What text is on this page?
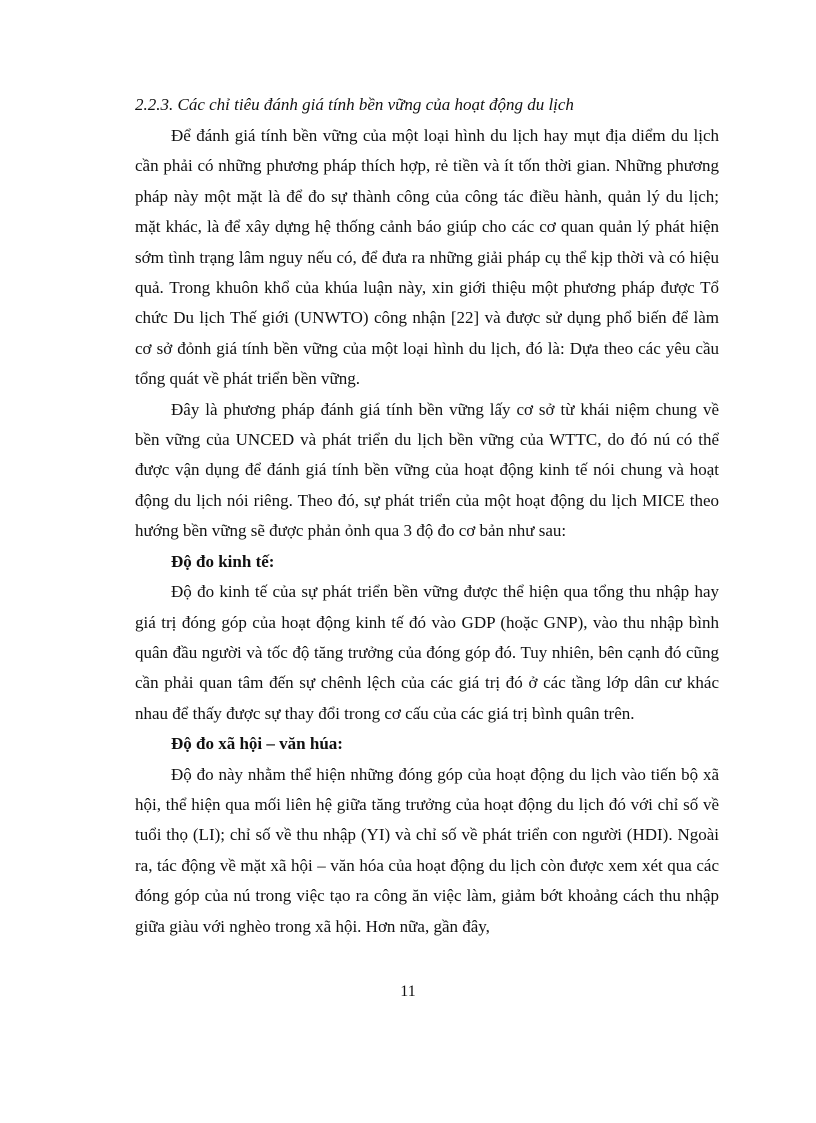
2.2.3. Các chỉ tiêu đánh giá tính bền vững của hoạt động du lịch

Để đánh giá tính bền vững của một loại hình du lịch hay mụt địa diểm du lịch cần phải có những phương pháp thích hợp, rẻ tiền và ít tốn thời gian. Những phương pháp này một mặt là để đo sự thành công của công tác điều hành, quản lý du lịch; mặt khác, là để xây dựng hệ thống cảnh báo giúp cho các cơ quan quản lý phát hiện sớm tình trạng lâm nguy nếu có, để đưa ra những giải pháp cụ thể kịp thời và có hiệu quả. Trong khuôn khổ của khúa luận này, xin giới thiệu một phương pháp được Tổ chức Du lịch Thế giới (UNWTO) công nhận [22] và được sử dụng phổ biến để làm cơ sở đỏnh giá tính bền vững của một loại hình du lịch, đó là: Dựa theo các yêu cầu tổng quát về phát triển bền vững.

Đây là phương pháp đánh giá tính bền vững lấy cơ sở từ khái niệm chung về bền vững của UNCED và phát triển du lịch bền vững của WTTC, do đó nú có thể được vận dụng để đánh giá tính bền vững của hoạt động kinh tế nói chung và hoạt động du lịch nói riêng. Theo đó, sự phát triển của một hoạt động du lịch MICE theo hướng bền vững sẽ được phản ỏnh qua 3 độ đo cơ bản như sau:

Độ đo kinh tế:

Độ đo kinh tế của sự phát triển bền vững được thể hiện qua tổng thu nhập hay giá trị đóng góp của hoạt động kinh tế đó vào GDP (hoặc GNP), vào thu nhập bình quân đầu người và tốc độ tăng trưởng của đóng góp đó. Tuy nhiên, bên cạnh đó cũng cần phải quan tâm đến sự chênh lệch của các giá trị đó ở các tầng lớp dân cư khác nhau để thấy được sự thay đổi trong cơ cấu của các giá trị bình quân trên.

Độ đo xã hội – văn húa:

Độ đo này nhằm thể hiện những đóng góp của hoạt động du lịch vào tiến bộ xã hội, thể hiện qua mối liên hệ giữa tăng trưởng của hoạt động du lịch đó với chỉ số về tuổi thọ (LI); chỉ số về thu nhập (YI) và chỉ số về phát triển con người (HDI). Ngoài ra, tác động về mặt xã hội – văn hóa của hoạt động du lịch còn được xem xét qua các đóng góp của nú trong việc tạo ra công ăn việc làm, giảm bớt khoảng cách thu nhập giữa giàu với nghèo trong xã hội. Hơn nữa, gần đây,

11
